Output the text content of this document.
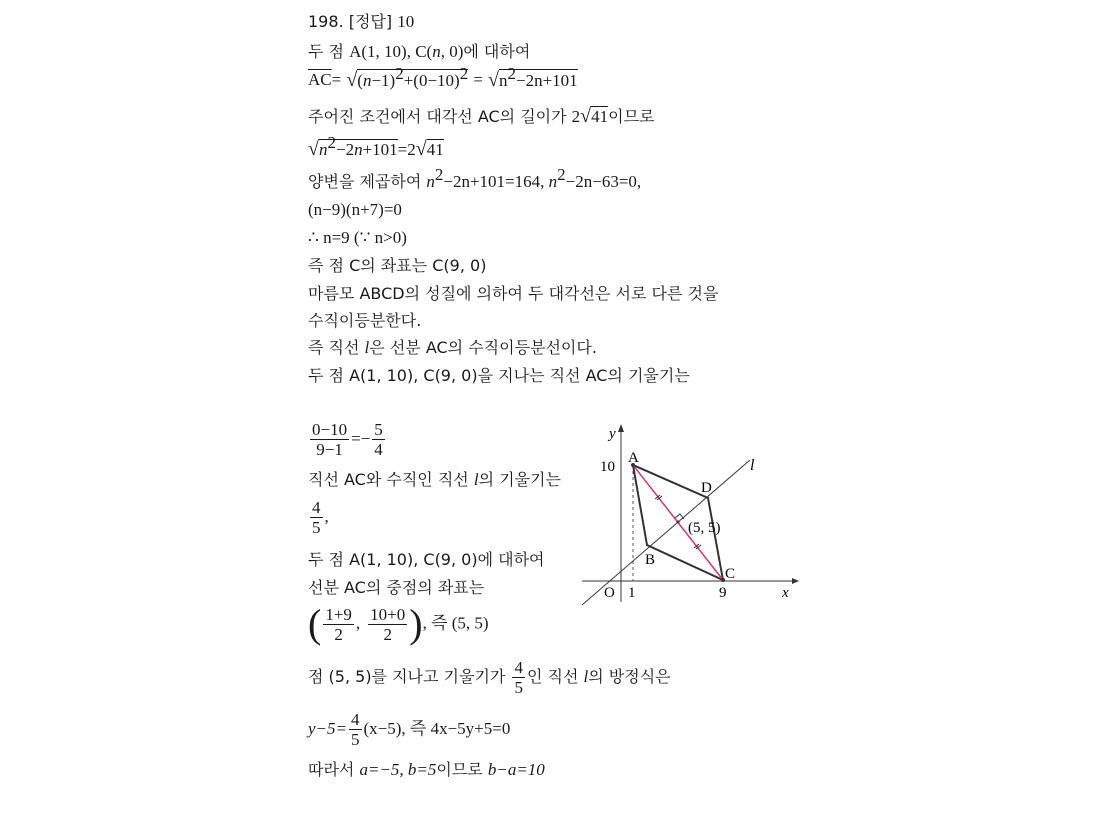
198. [정답] 10
두 점 A(1, 10), C(n, 0)에 대하여
$\overline{AC}= √(n-1)^2+(0-10)^2 = √n^2-2n+101$
주어진 조건에서 대각선 AC의 길이가 2√41이므로
$√n^2-2n+101=2√41$
양변을 제곱하여 $n^2-2n+101=164$, $n^2-2n-63=0$,
(n−9)(n+7)=0
∴ n=9 (∵ n>0)
즉 점 C의 좌표는 C(9, 0)
마름모 ABCD의 성질에 의하여 두 대각선은 서로 다른 것을
수직이등분한다.
즉 직선 l은 선분 AC의 수직이등분선이다.
두 점 A(1, 10), C(9, 0)을 지나는 직선 AC의 기울기는
$\frac{0-10}{9-1} =- \frac{5}{4}$
직선 AC와 수직인 직선 l의 기울기는
$\frac{4}{5}$ ,
두 점 A(1, 10), C(9, 0)에 대하여
선분 AC의 중점의 좌표는
( $\frac{1+9}{2}$ , $\frac{10+0}{2}$ ), 즉 (5, 5)
점 (5, 5)를 지나고 기울기가 $\frac{4}{5}$ 인 직선 l의 방정식은
$y-5= \frac{4}{5} (x-5)$, 즉 4x−5y+5=0
따라서 a=−5, b=5이므로 b−a=10
y
x
O 1	9
10
A
B
C
D
(5, 5)
l
